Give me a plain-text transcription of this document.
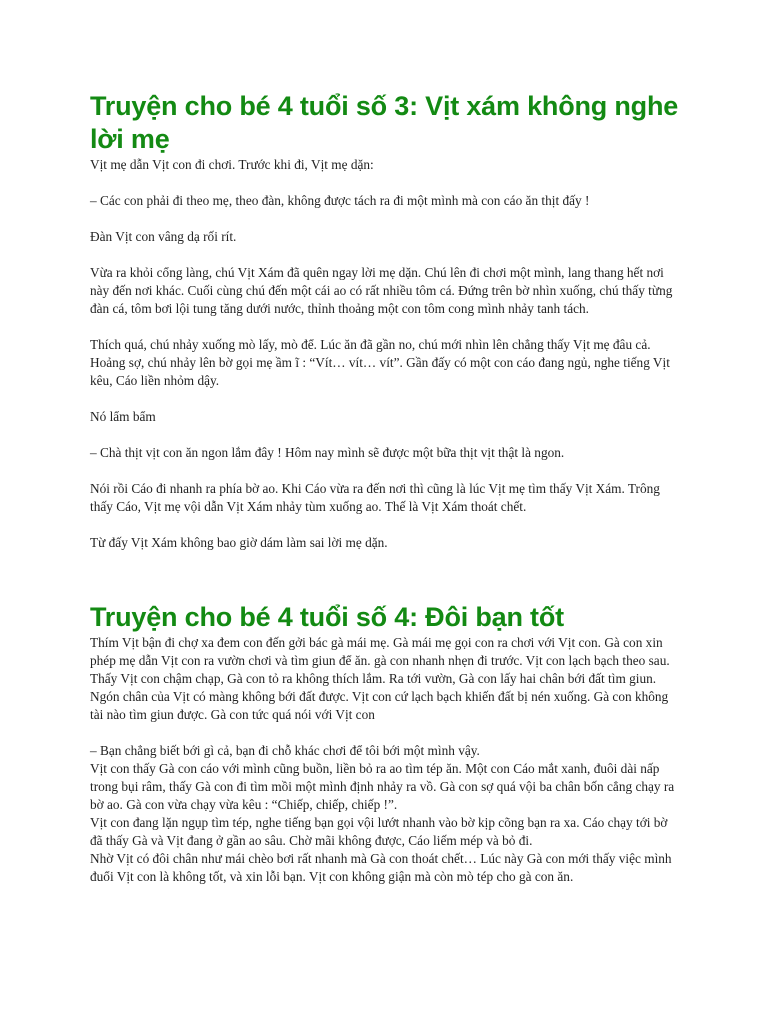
Truyện cho bé 4 tuổi số 3: Vịt xám không nghe lời mẹ

Vịt mẹ dẫn Vịt con đi chơi. Trước khi đi, Vịt mẹ dặn:

– Các con phải đi theo mẹ, theo đàn, không được tách ra đi một mình mà con cáo ăn thịt đấy !

Đàn Vịt con vâng dạ rối rít.

Vừa ra khỏi cổng làng, chú Vịt Xám đã quên ngay lời mẹ dặn. Chú lên đi chơi một mình, lang thang hết nơi này đến nơi khác. Cuối cùng chú đến một cái ao có rất nhiều tôm cá. Đứng trên bờ nhìn xuống, chú thấy từng đàn cá, tôm bơi lội tung tăng dưới nước, thỉnh thoảng một con tôm cong mình nhảy tanh tách.

Thích quá, chú nhảy xuống mò lấy, mò để. Lúc ăn đã gần no, chú mới nhìn lên chẳng thấy Vịt mẹ đâu cả. Hoảng sợ, chú nhảy lên bờ gọi mẹ ầm ĩ : “Vít… vít… vít”. Gần đấy có một con cáo đang ngủ, nghe tiếng Vịt kêu, Cáo liền nhỏm dậy.

Nó lẩm bẩm

– Chà thịt vịt con ăn ngon lắm đây ! Hôm nay mình sẽ được một bữa thịt vịt thật là ngon.

Nói rồi Cáo đi nhanh ra phía bờ ao. Khi Cáo vừa ra đến nơi thì cũng là lúc Vịt mẹ tìm thấy Vịt Xám. Trông thấy Cáo, Vịt mẹ vội dẫn Vịt Xám nhảy tùm xuống ao. Thế là Vịt Xám thoát chết.

Từ đấy Vịt Xám không bao giờ dám làm sai lời mẹ dặn.

Truyện cho bé 4 tuổi số 4: Đôi bạn tốt

Thím Vịt bận đi chợ xa đem con đến gởi bác gà mái mẹ. Gà mái mẹ gọi con ra chơi với Vịt con. Gà con xin phép mẹ dẫn Vịt con ra vườn chơi và tìm giun để ăn. gà con nhanh nhẹn đi trước. Vịt con lạch bạch theo sau.

Thấy Vịt con chậm chạp, Gà con tỏ ra không thích lắm. Ra tới vườn, Gà con lấy hai chân bới đất tìm giun. Ngón chân của Vịt có màng không bới đất được. Vịt con cứ lạch bạch khiến đất bị nén xuống. Gà con không tài nào tìm giun được. Gà con tức quá nói với Vịt con

– Bạn chẳng biết bới gì cả, bạn đi chỗ khác chơi để tôi bới một mình vậy.

Vịt con thấy Gà con cáo với mình cũng buồn, liền bỏ ra ao tìm tép ăn. Một con Cáo mắt xanh, đuôi dài nấp trong bụi râm, thấy Gà con đi tìm mồi một mình định nhảy ra vồ. Gà con sợ quá vội ba chân bốn cẳng chạy ra bờ ao. Gà con vừa chạy vừa kêu : “Chiếp, chiếp, chiếp !”.

Vịt con đang lặn ngụp tìm tép, nghe tiếng bạn gọi vội lướt nhanh vào bờ kịp cõng bạn ra xa. Cáo chạy tới bờ đã thấy Gà và Vịt đang ở gần ao sâu. Chờ mãi không được, Cáo liếm mép và bỏ đi.

Nhờ Vịt có đôi chân như mái chèo bơi rất nhanh mà Gà con thoát chết… Lúc này Gà con mới thấy việc mình đuổi Vịt con là không tốt, và xin lỗi bạn. Vịt con không giận mà còn mò tép cho gà con ăn.
